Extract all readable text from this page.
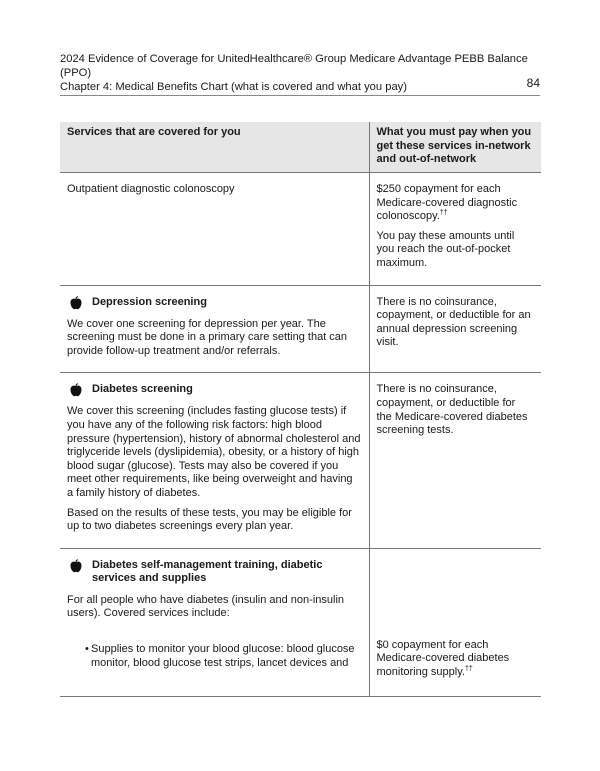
2024 Evidence of Coverage for UnitedHealthcare® Group Medicare Advantage PEBB Balance
(PPO)
Chapter 4: Medical Benefits Chart (what is covered and what you pay)	84
Services that are covered for you	What you must pay when you get these services in-network and out-of-network

Outpatient diagnostic colonoscopy	$250 copayment for each Medicare-covered diagnostic colonoscopy.††

You pay these amounts until you reach the out-of-pocket maximum.

Depression screening

We cover one screening for depression per year. The screening must be done in a primary care setting that can provide follow-up treatment and/or referrals.	There is no coinsurance, copayment, or deductible for an annual depression screening visit.

Diabetes screening

We cover this screening (includes fasting glucose tests) if you have any of the following risk factors: high blood pressure (hypertension), history of abnormal cholesterol and triglyceride levels (dyslipidemia), obesity, or a history of high blood sugar (glucose). Tests may also be covered if you meet other requirements, like being overweight and having a family history of diabetes.

Based on the results of these tests, you may be eligible for up to two diabetes screenings every plan year.	There is no coinsurance, copayment, or deductible for the Medicare-covered diabetes screening tests.

Diabetes self-management training, diabetic services and supplies

For all people who have diabetes (insulin and non-insulin users). Covered services include:

• Supplies to monitor your blood glucose: blood glucose monitor, blood glucose test strips, lancet devices and	$0 copayment for each Medicare-covered diabetes monitoring supply.††
